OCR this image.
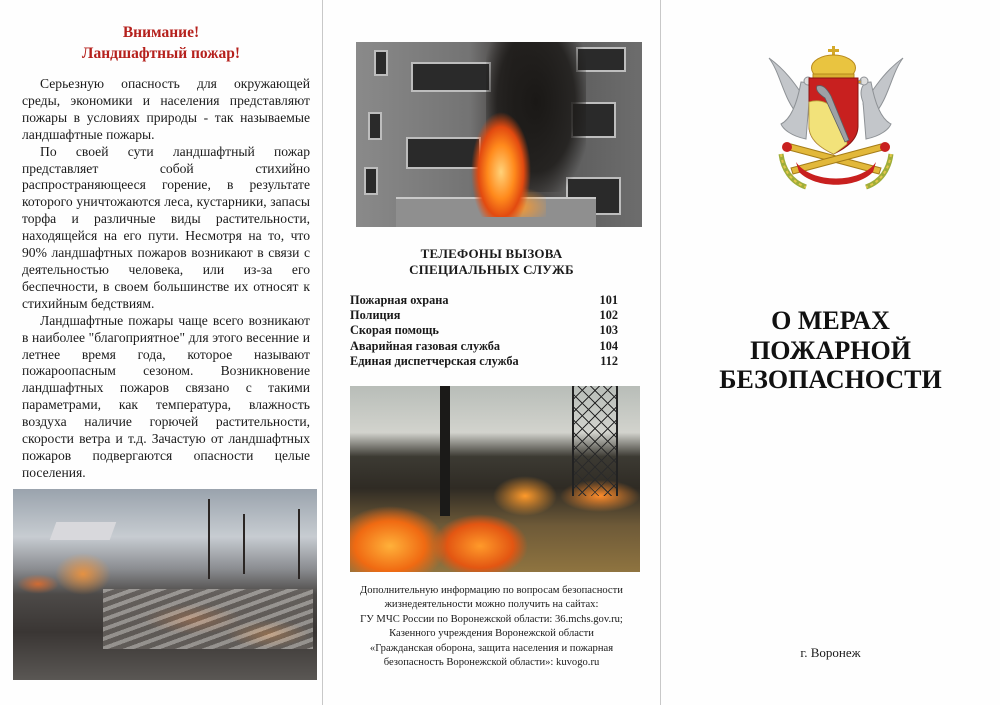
Внимание!
Ландшафтный пожар!

Серьезную опасность для окружающей среды, экономики и населения представляют пожары в условиях природы - так называемые ландшафтные пожары.

По своей сути ландшафтный пожар представляет собой стихийно распространяющееся горение, в результате которого уничтожаются леса, кустарники, запасы торфа и различные виды растительности, находящейся на его пути. Несмотря на то, что 90% ландшафтных пожаров возникают в связи с деятельностью человека, или из-за его беспечности, в своем большинстве их относят к стихийным бедствиям.

Ландшафтные пожары чаще всего возникают в наиболее "благоприятное" для этого весенние и летнее время года, которое называют пожароопасным сезоном. Возникновение ландшафтных пожаров связано с такими параметрами, как температура, влажность воздуха наличие горючей растительности, скорости ветра и т.д. Зачастую от ландшафтных пожаров подвергаются опасности целые поселения.

ТЕЛЕФОНЫ ВЫЗОВА
СПЕЦИАЛЬНЫХ СЛУЖБ
Пожарная охрана	101
Полиция	102
Скорая помощь	103
Аварийная газовая служба	104
Единая диспетчерская служба	112
Дополнительную информацию по вопросам безопасности
жизнедеятельности можно получить на сайтах:
ГУ МЧС России по Воронежской области: 36.mchs.gov.ru;
Казенного учреждения Воронежской области
«Гражданская оборона, защита населения и пожарная
безопасность Воронежской области»: kuvogo.ru
О МЕРАХ
ПОЖАРНОЙ
БЕЗОПАСНОСТИ
г. Воронеж
